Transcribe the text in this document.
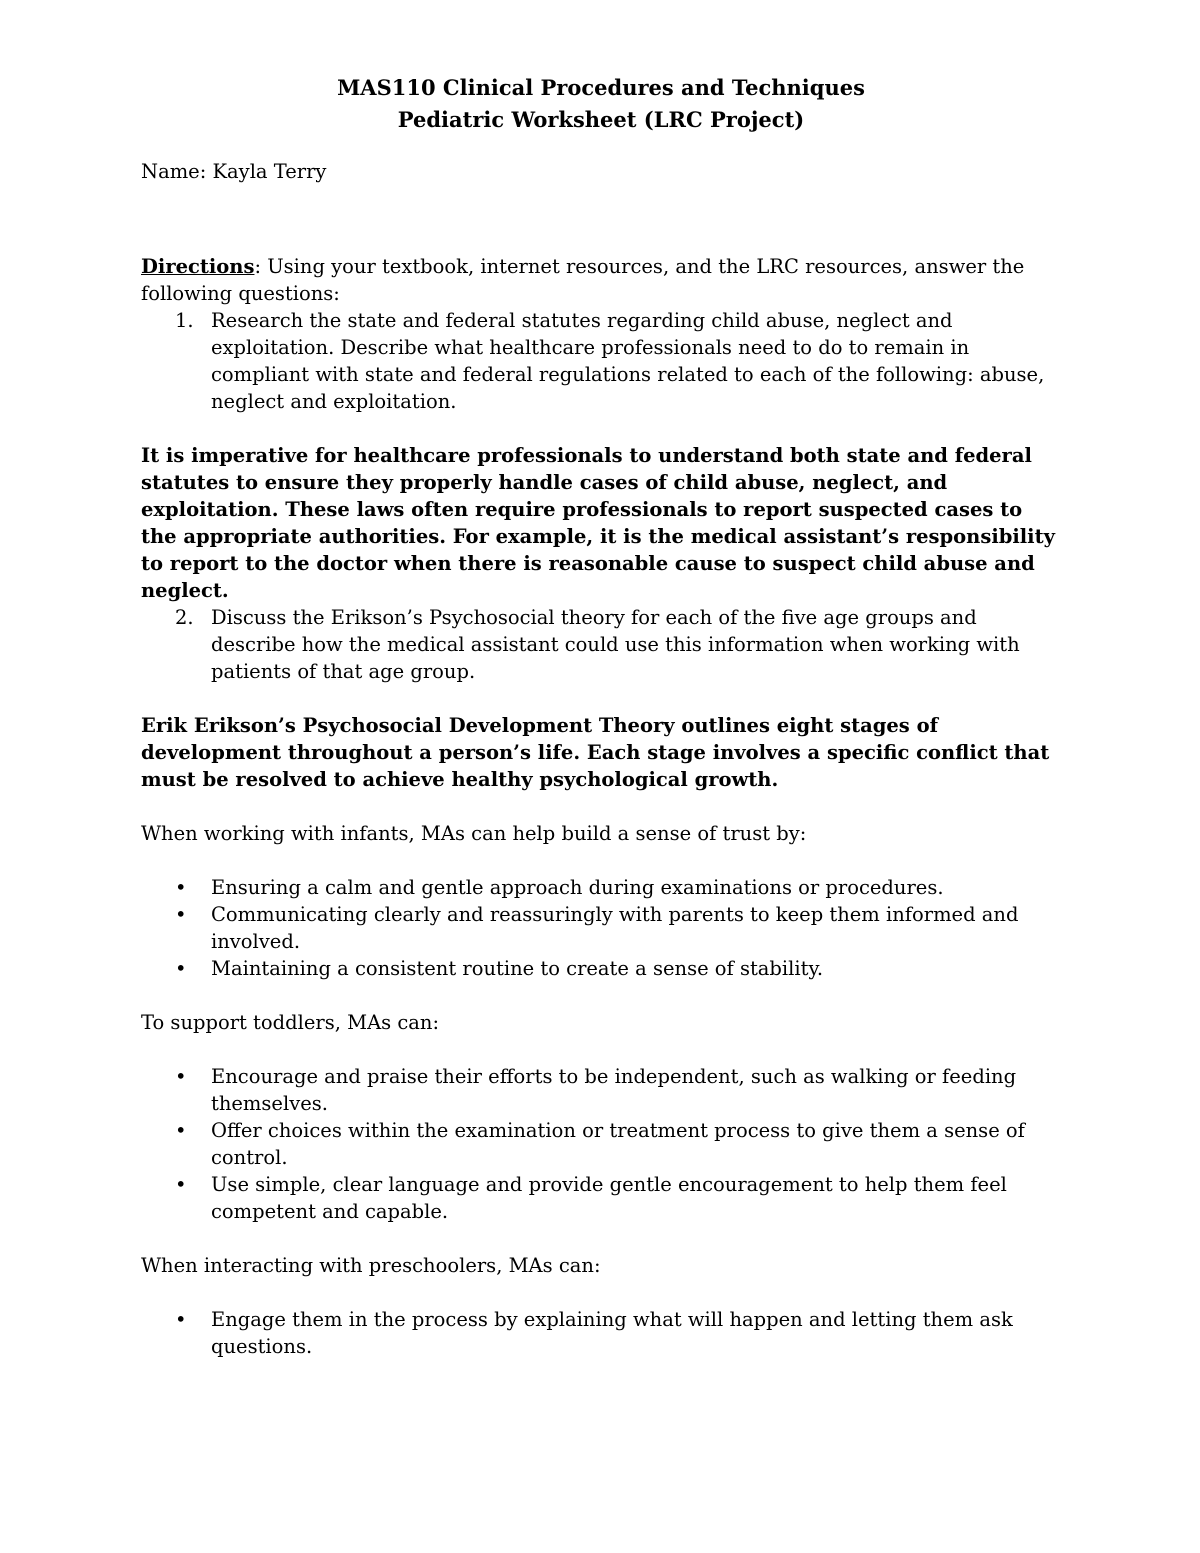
MAS110 Clinical Procedures and Techniques

Pediatric Worksheet (LRC Project)

Name: Kayla Terry

Directions: Using your textbook, internet resources, and the LRC resources, answer the following questions:

1. Research the state and federal statutes regarding child abuse, neglect and exploitation. Describe what healthcare professionals need to do to remain in compliant with state and federal regulations related to each of the following: abuse, neglect and exploitation.

It is imperative for healthcare professionals to understand both state and federal statutes to ensure they properly handle cases of child abuse, neglect, and exploitation. These laws often require professionals to report suspected cases to the appropriate authorities. For example, it is the medical assistant’s responsibility to report to the doctor when there is reasonable cause to suspect child abuse and neglect.

2. Discuss the Erikson’s Psychosocial theory for each of the five age groups and describe how the medical assistant could use this information when working with patients of that age group.

Erik Erikson’s Psychosocial Development Theory outlines eight stages of development throughout a person’s life. Each stage involves a specific conflict that must be resolved to achieve healthy psychological growth.

When working with infants, MAs can help build a sense of trust by:

• Ensuring a calm and gentle approach during examinations or procedures.
• Communicating clearly and reassuringly with parents to keep them informed and involved.
• Maintaining a consistent routine to create a sense of stability.

To support toddlers, MAs can:

• Encourage and praise their efforts to be independent, such as walking or feeding themselves.
• Offer choices within the examination or treatment process to give them a sense of control.
• Use simple, clear language and provide gentle encouragement to help them feel competent and capable.

When interacting with preschoolers, MAs can:

• Engage them in the process by explaining what will happen and letting them ask questions.
